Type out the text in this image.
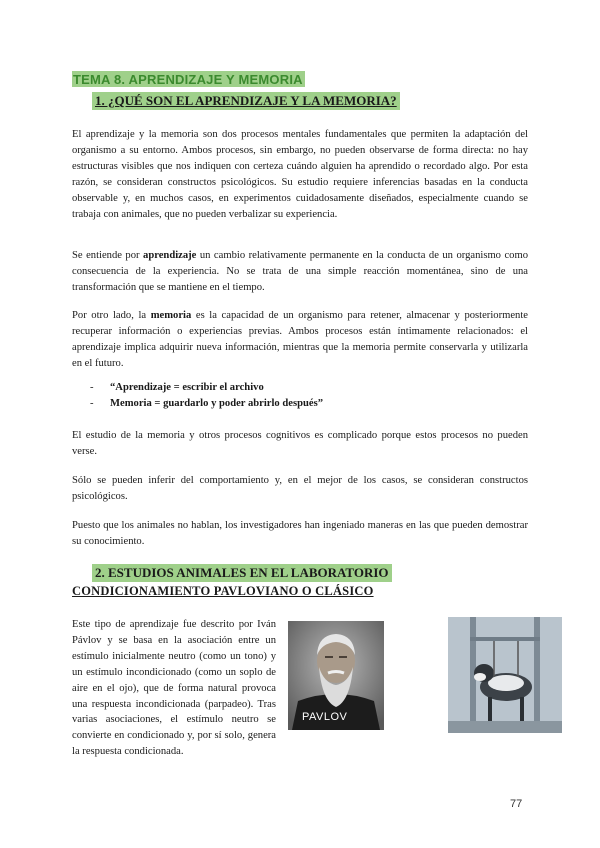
TEMA 8. APRENDIZAJE Y MEMORIA
1. ¿QUÉ SON EL APRENDIZAJE Y LA MEMORIA?
El aprendizaje y la memoria son dos procesos mentales fundamentales que permiten la adaptación del organismo a su entorno. Ambos procesos, sin embargo, no pueden observarse de forma directa: no hay estructuras visibles que nos indiquen con certeza cuándo alguien ha aprendido o recordado algo. Por esta razón, se consideran constructos psicológicos. Su estudio requiere inferencias basadas en la conducta observable y, en muchos casos, en experimentos cuidadosamente diseñados, especialmente cuando se trabaja con animales, que no pueden verbalizar su experiencia.
Se entiende por aprendizaje un cambio relativamente permanente en la conducta de un organismo como consecuencia de la experiencia. No se trata de una simple reacción momentánea, sino de una transformación que se mantiene en el tiempo.
Por otro lado, la memoria es la capacidad de un organismo para retener, almacenar y posteriormente recuperar información o experiencias previas. Ambos procesos están íntimamente relacionados: el aprendizaje implica adquirir nueva información, mientras que la memoria permite conservarla y utilizarla en el futuro.
- “Aprendizaje = escribir el archivo
- Memoria = guardarlo y poder abrirlo después”
El estudio de la memoria y otros procesos cognitivos es complicado porque estos procesos no pueden verse.
Sólo se pueden inferir del comportamiento y, en el mejor de los casos, se consideran constructos psicológicos.
Puesto que los animales no hablan, los investigadores han ingeniado maneras en las que pueden demostrar su conocimiento.
2. ESTUDIOS ANIMALES EN EL LABORATORIO
CONDICIONAMIENTO PAVLOVIANO O CLÁSICO
Este tipo de aprendizaje fue descrito por Iván Pávlov y se basa en la asociación entre un estímulo inicialmente neutro (como un tono) y un estímulo incondicionado (como un soplo de aire en el ojo), que de forma natural provoca una respuesta incondicionada (parpadeo). Tras varias asociaciones, el estímulo neutro se convierte en condicionado y, por sí solo, genera la respuesta condicionada.
PAVLOV
77
